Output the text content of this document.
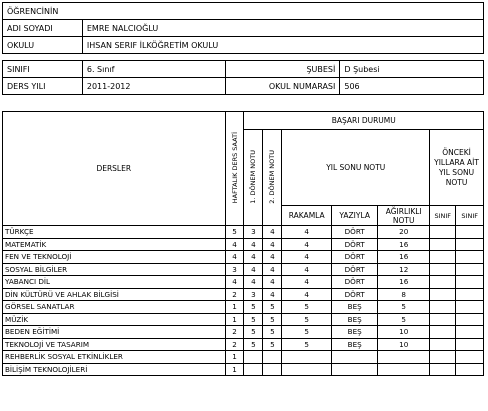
ÖĞRENCİNİN			
ADI SOYADI	EMRE NALCIOĞLU		
OKULU	IHSAN SERIF İLKÖĞRETİM OKULU		

SINIFI	6. Sınıf	ŞUBESİ	D Şubesi
DERS YILI	2011-2012	OKUL NUMARASI	506
DERSLER	HAFTALIK DERS SAATİ	BAŞARI DURUMU						
		1. DÖNEM NOTU	2. DÖNEM NOTU	YIL SONU NOTU			ÖNCEKİ YILLARA AİT YIL SONU NOTU	
				RAKAMLA	YAZIYLA	AĞIRLIKLI NOTU	SINIF	SINIF
TÜRKÇE	5	3	4	4	DÖRT	20		
MATEMATİK	4	4	4	4	DÖRT	16		
FEN VE TEKNOLOJİ	4	4	4	4	DÖRT	16		
SOSYAL BİLGİLER	3	4	4	4	DÖRT	12		
YABANCI DİL	4	4	4	4	DÖRT	16		
DİN KÜLTÜRÜ VE AHLAK BİLGİSİ	2	3	4	4	DÖRT	8		
GÖRSEL SANATLAR	1	5	5	5	BEŞ	5		
MÜZİK	1	5	5	5	BEŞ	5		
BEDEN EĞİTİMİ	2	5	5	5	BEŞ	10		
TEKNOLOJİ VE TASARIM	2	5	5	5	BEŞ	10		
REHBERLİK SOSYAL ETKİNLİKLER	1							
BİLİŞİM TEKNOLOJİLERİ	1							
